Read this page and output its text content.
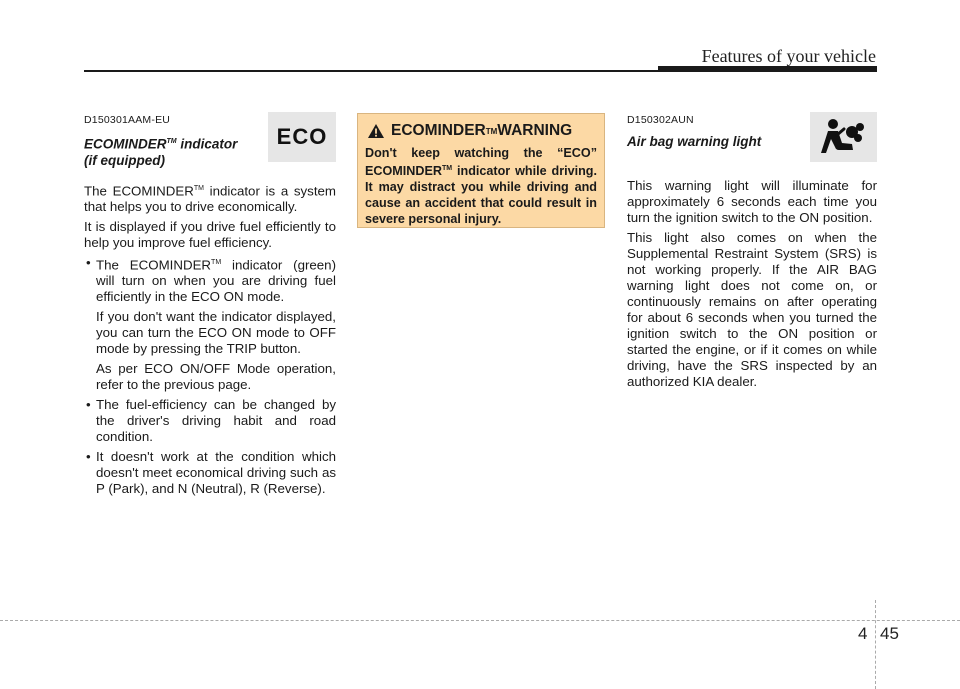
Features of your vehicle
D150301AAM-EU
ECOMINDER™ indicator
(if equipped)

The ECOMINDER™ indicator is a system that helps you to drive economically.

It is displayed if you drive fuel efficiently to help you improve fuel efficiency.

• The ECOMINDER™ indicator (green) will turn on when you are driving fuel efficiently in the ECO ON mode.

If you don't want the indicator displayed, you can turn the ECO ON mode to OFF mode by pressing the TRIP button.

As per ECO ON/OFF Mode operation, refer to the previous page.

• The fuel-efficiency can be changed by the driver's driving habit and road condition.
• It doesn't work at the condition which doesn't meet economical driving such as P (Park), and N (Neutral), R (Reverse).
ECO	ECOMINDER TM WARNING
Don't keep watching the “ECO” ECOMINDER™ indicator while driving. It may distract you while driving and cause an accident that could result in severe personal injury.
D150302AUN
Air bag warning light

This warning light will illuminate for approximately 6 seconds each time you turn the ignition switch to the ON position.

This light also comes on when the Supplemental Restraint System (SRS) is not working properly. If the AIR BAG warning light does not come on, or continuously remains on after operating for about 6 seconds when you turned the ignition switch to the ON position or started the engine, or if it comes on while driving, have the SRS inspected by an authorized KIA dealer.

4 45
